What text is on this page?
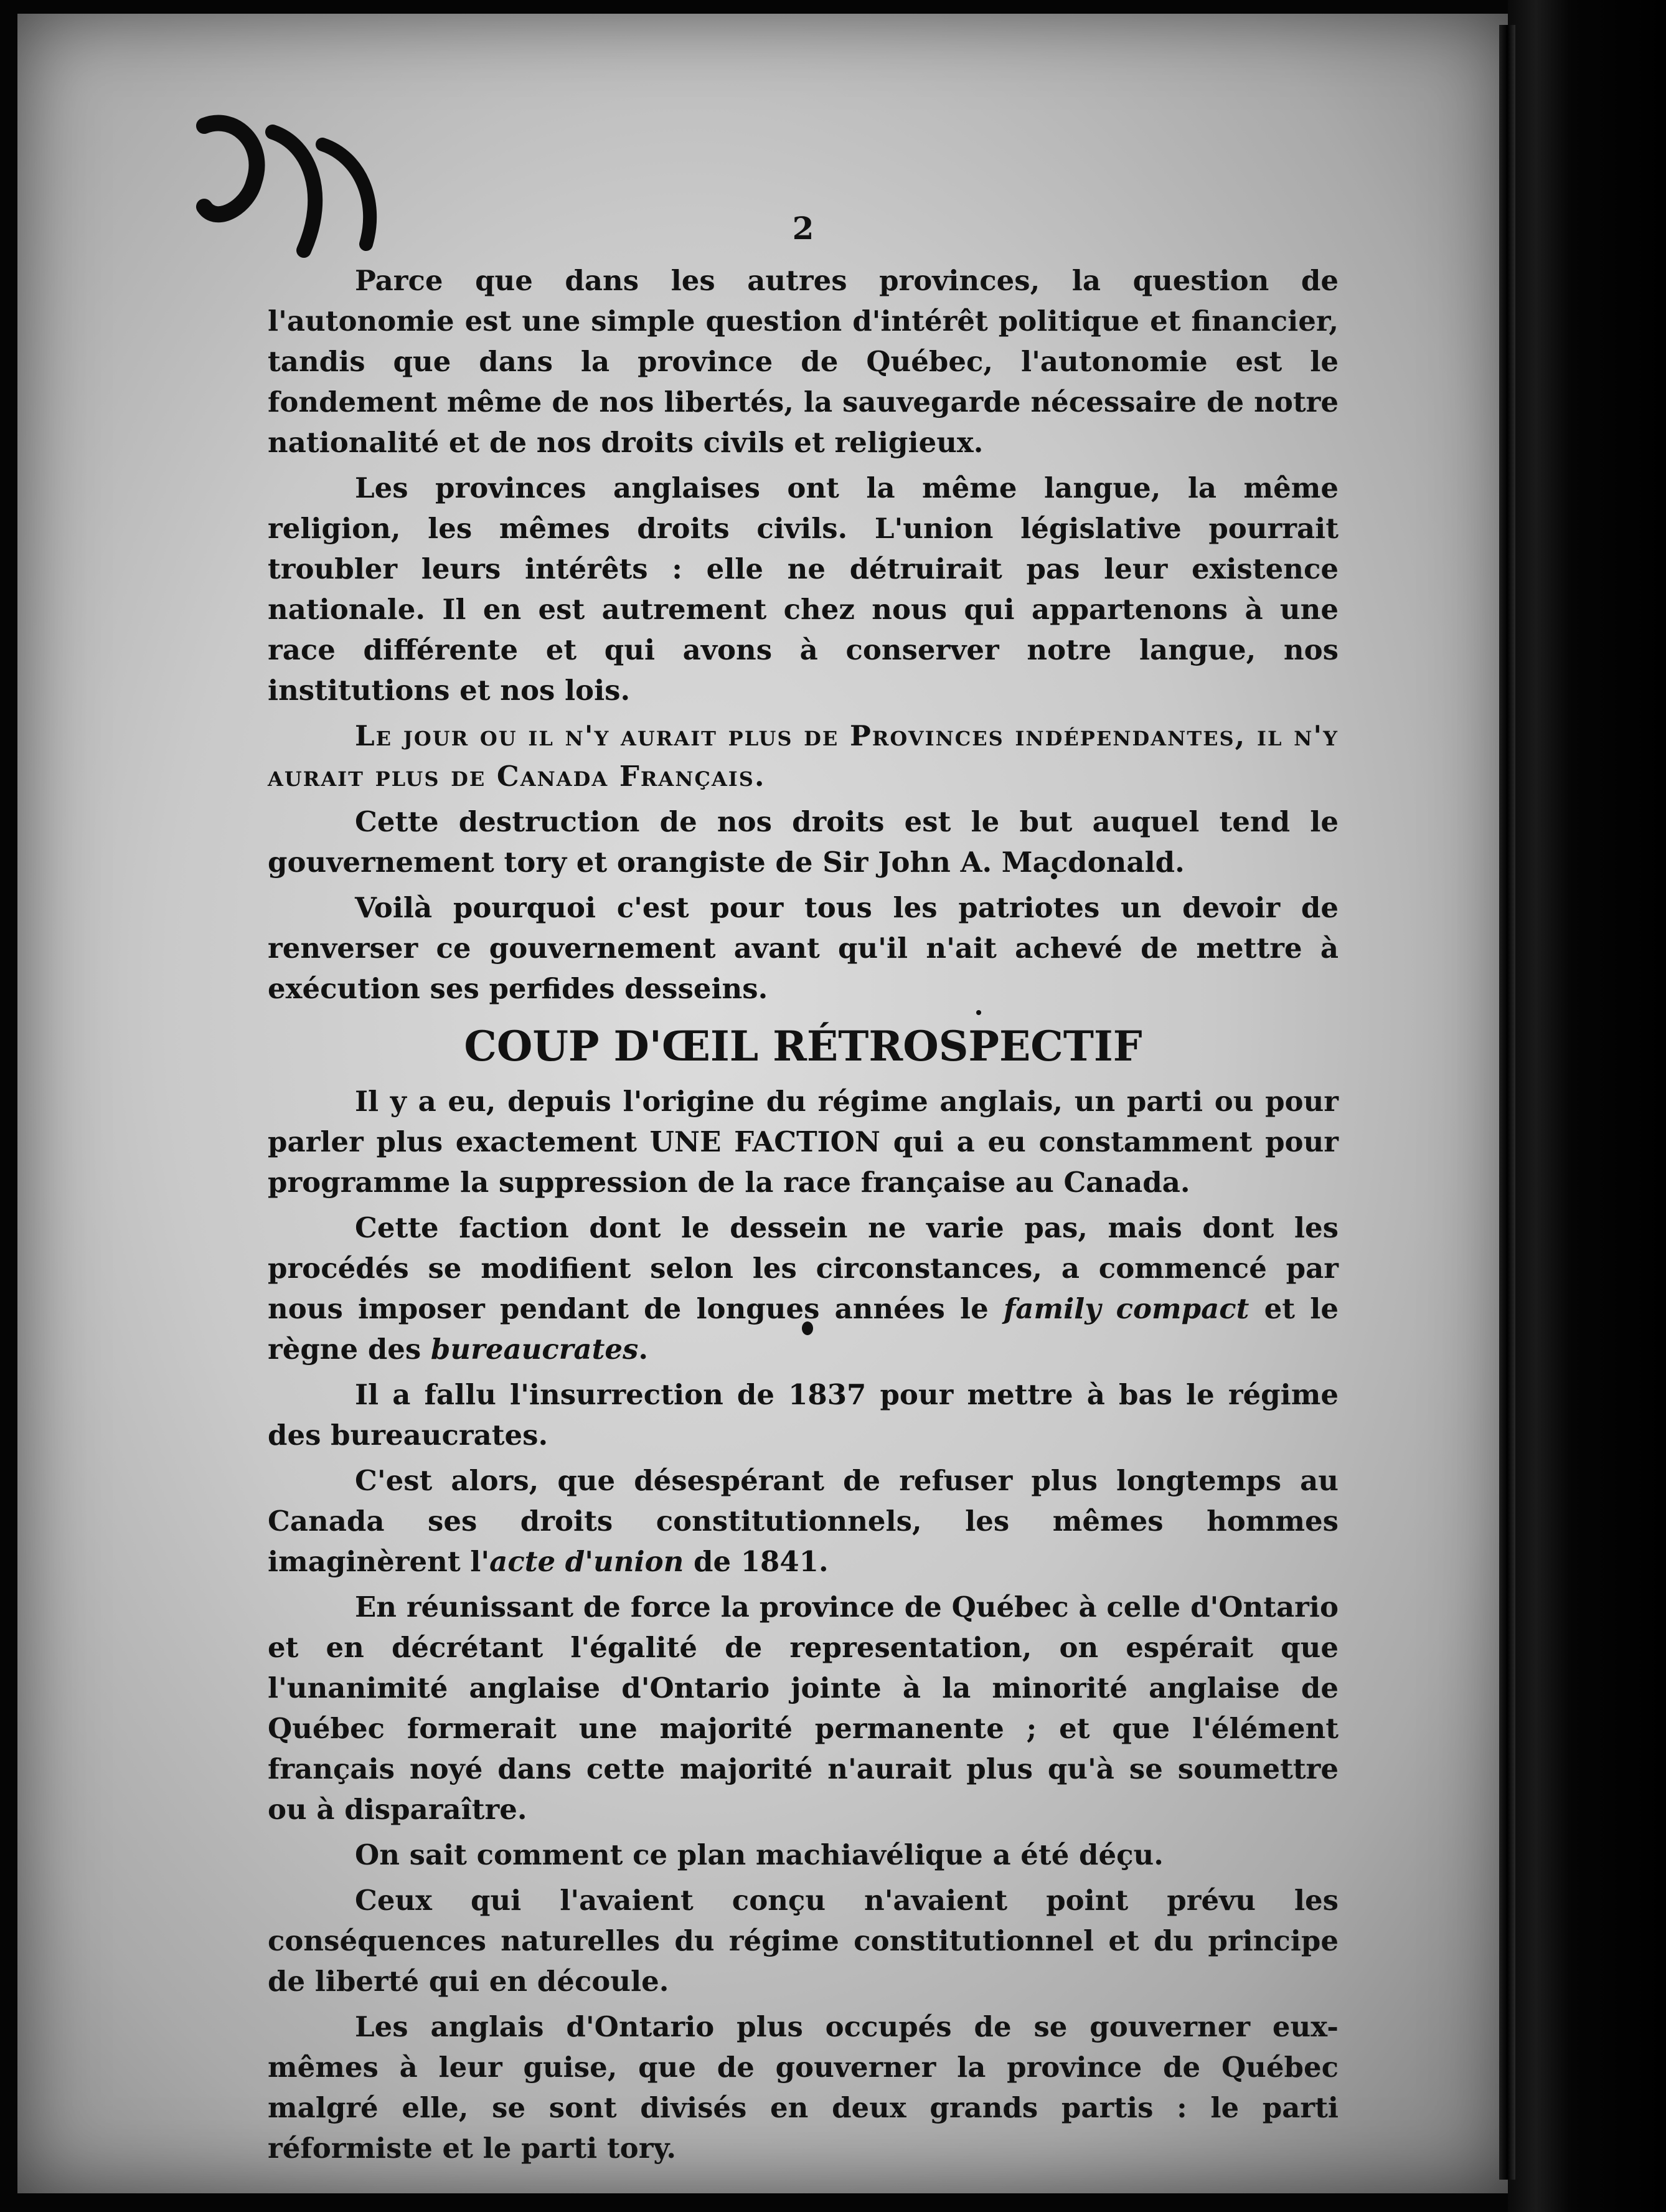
2

Parce que dans les autres provinces, la question de l'autonomie est une simple question d'intérêt politique et financier, tandis que dans la province de Québec, l'autonomie est le fondement même de nos libertés, la sauvegarde nécessaire de notre nationalité et de nos droits civils et religieux.

Les provinces anglaises ont la même langue, la même religion, les mêmes droits civils. L'union législative pourrait troubler leurs intérêts : elle ne détruirait pas leur existence nationale. Il en est autrement chez nous qui appartenons à une race différente et qui avons à conserver notre langue, nos institutions et nos lois.

Le jour ou il n'y aurait plus de Provinces indépendantes, il n'y aurait plus de Canada Français.

Cette destruction de nos droits est le but auquel tend le gouvernement tory et orangiste de Sir John A. Macdonald.

Voilà pourquoi c'est pour tous les patriotes un devoir de renverser ce gouvernement avant qu'il n'ait achevé de mettre à exécution ses perfides desseins.

COUP D'ŒIL RÉTROSPECTIF

Il y a eu, depuis l'origine du régime anglais, un parti ou pour parler plus exactement UNE FACTION qui a eu constamment pour programme la suppression de la race française au Canada.

Cette faction dont le dessein ne varie pas, mais dont les procédés se modifient selon les circonstances, a commencé par nous imposer pendant de longues années le family compact et le règne des bureaucrates.

Il a fallu l'insurrection de 1837 pour mettre à bas le régime des bureaucrates.

C'est alors, que désespérant de refuser plus longtemps au Canada ses droits constitutionnels, les mêmes hommes imaginèrent l'acte d'union de 1841.

En réunissant de force la province de Québec à celle d'Ontario et en décrétant l'égalité de representation, on espérait que l'unanimité anglaise d'Ontario jointe à la minorité anglaise de Québec formerait une majorité permanente ; et que l'élément français noyé dans cette majorité n'aurait plus qu'à se soumettre ou à disparaître.

On sait comment ce plan machiavélique a été déçu.

Ceux qui l'avaient conçu n'avaient point prévu les conséquences naturelles du régime constitutionnel et du principe de liberté qui en découle.

Les anglais d'Ontario plus occupés de se gouverner eux-mêmes à leur guise, que de gouverner la province de Québec malgré elle, se sont divisés en deux grands partis : le parti réformiste et le parti tory.
